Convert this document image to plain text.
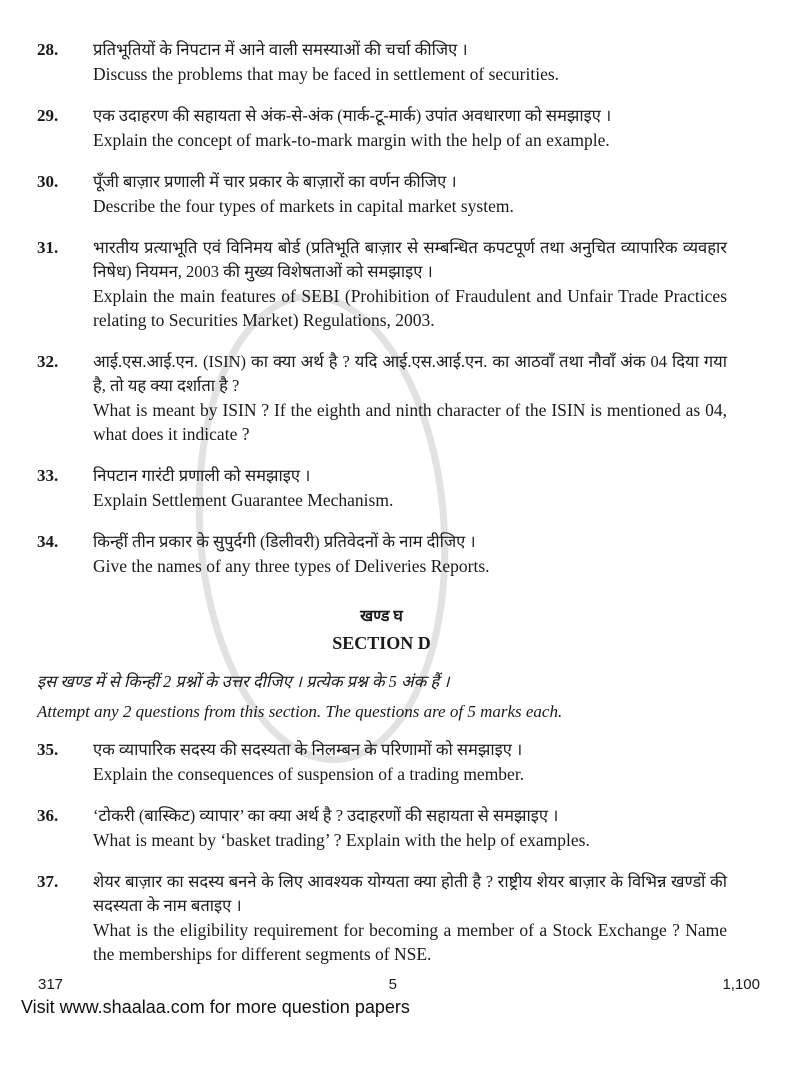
28. प्रतिभूतियों के निपटान में आने वाली समस्याओं की चर्चा कीजिए ।
Discuss the problems that may be faced in settlement of securities.
29. एक उदाहरण की सहायता से अंक-से-अंक (मार्क-टू-मार्क) उपांत अवधारणा को समझाइए ।
Explain the concept of mark-to-mark margin with the help of an example.
30. पूँजी बाज़ार प्रणाली में चार प्रकार के बाज़ारों का वर्णन कीजिए ।
Describe the four types of markets in capital market system.
31. भारतीय प्रत्याभूति एवं विनिमय बोर्ड (प्रतिभूति बाज़ार से सम्बन्धित कपटपूर्ण तथा अनुचित व्यापारिक व्यवहार निषेध) नियमन, 2003 की मुख्य विशेषताओं को समझाइए ।
Explain the main features of SEBI (Prohibition of Fraudulent and Unfair Trade Practices relating to Securities Market) Regulations, 2003.
32. आई.एस.आई.एन. (ISIN) का क्या अर्थ है ? यदि आई.एस.आई.एन. का आठवाँ तथा नौवाँ अंक 04 दिया गया है, तो यह क्या दर्शाता है ?
What is meant by ISIN ? If the eighth and ninth character of the ISIN is mentioned as 04, what does it indicate ?
33. निपटान गारंटी प्रणाली को समझाइए ।
Explain Settlement Guarantee Mechanism.
34. किन्हीं तीन प्रकार के सुपुर्दगी (डिलीवरी) प्रतिवेदनों के नाम दीजिए ।
Give the names of any three types of Deliveries Reports.
खण्ड घ
SECTION D
इस खण्ड में से किन्हीं 2 प्रश्नों के उत्तर दीजिए । प्रत्येक प्रश्न के 5 अंक हैं ।
Attempt any 2 questions from this section. The questions are of 5 marks each.
35. एक व्यापारिक सदस्य की सदस्यता के निलम्बन के परिणामों को समझाइए ।
Explain the consequences of suspension of a trading member.
36. ‘टोकरी (बास्किट) व्यापार’ का क्या अर्थ है ? उदाहरणों की सहायता से समझाइए ।
What is meant by ‘basket trading’ ? Explain with the help of examples.
37. शेयर बाज़ार का सदस्य बनने के लिए आवश्यक योग्यता क्या होती है ? राष्ट्रीय शेयर बाज़ार के विभिन्न खण्डों की सदस्यता के नाम बताइए ।
What is the eligibility requirement for becoming a member of a Stock Exchange ? Name the memberships for different segments of NSE.
317	5	1,100
Visit www.shaalaa.com for more question papers
